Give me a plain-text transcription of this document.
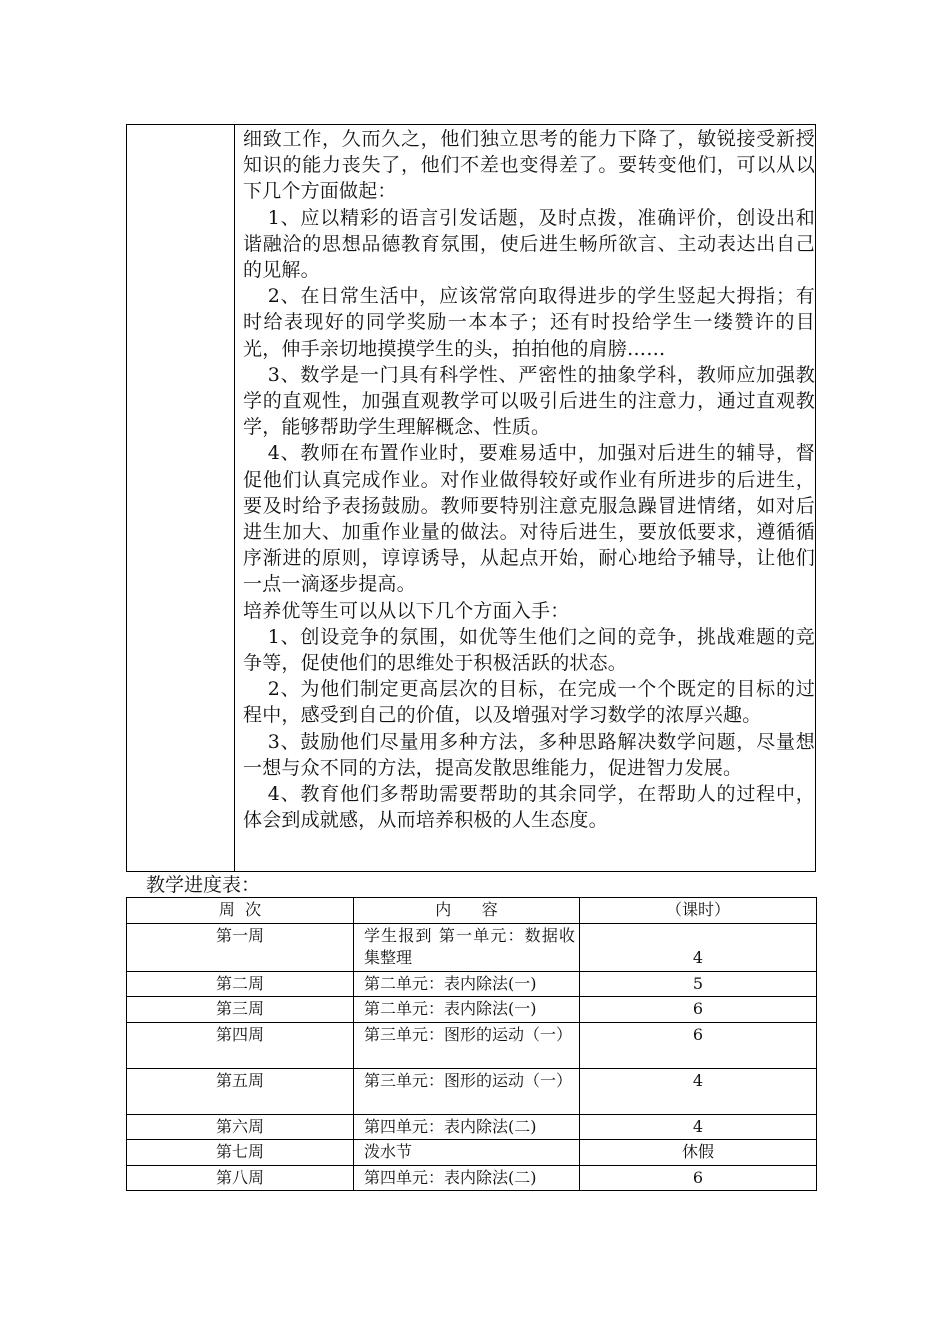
细致工作，久而久之，他们独立思考的能力下降了，敏锐接受新授知识的能力丧失了，他们不差也变得差了。要转变他们，可以从以下几个方面做起：

1、应以精彩的语言引发话题，及时点拨，准确评价，创设出和谐融洽的思想品德教育氛围，使后进生畅所欲言、主动表达出自己的见解。

2、在日常生活中，应该常常向取得进步的学生竖起大拇指；有时给表现好的同学奖励一本本子；还有时投给学生一缕赞许的目光，伸手亲切地摸摸学生的头，拍拍他的肩膀……

3、数学是一门具有科学性、严密性的抽象学科，教师应加强教学的直观性，加强直观教学可以吸引后进生的注意力，通过直观教学，能够帮助学生理解概念、性质。

4、教师在布置作业时，要难易适中，加强对后进生的辅导，督促他们认真完成作业。对作业做得较好或作业有所进步的后进生，要及时给予表扬鼓励。教师要特别注意克服急躁冒进情绪，如对后进生加大、加重作业量的做法。对待后进生，要放低要求，遵循循序渐进的原则，谆谆诱导，从起点开始，耐心地给予辅导，让他们一点一滴逐步提高。

培养优等生可以从以下几个方面入手：

1、创设竞争的氛围，如优等生他们之间的竞争，挑战难题的竞争等，促使他们的思维处于积极活跃的状态。

2、为他们制定更高层次的目标，在完成一个个既定的目标的过程中，感受到自己的价值，以及增强对学习数学的浓厚兴趣。

3、鼓励他们尽量用多种方法，多种思路解决数学问题，尽量想一想与众不同的方法，提高发散思维能力，促进智力发展。

4、教育他们多帮助需要帮助的其余同学，在帮助人的过程中，体会到成就感，从而培养积极的人生态度。

教学进度表：

周  次	内      容	（课时）
第一周	学生报到 第一单元：数据收集整理	4
第二周	第二单元：表内除法(一)	5
第三周	第二单元：表内除法(一)	6
第四周	第三单元：图形的运动（一）	6
第五周	第三单元：图形的运动（一）	4
第六周	第四单元：表内除法(二)	4
第七周	泼水节	休假
第八周	第四单元：表内除法(二)	6
